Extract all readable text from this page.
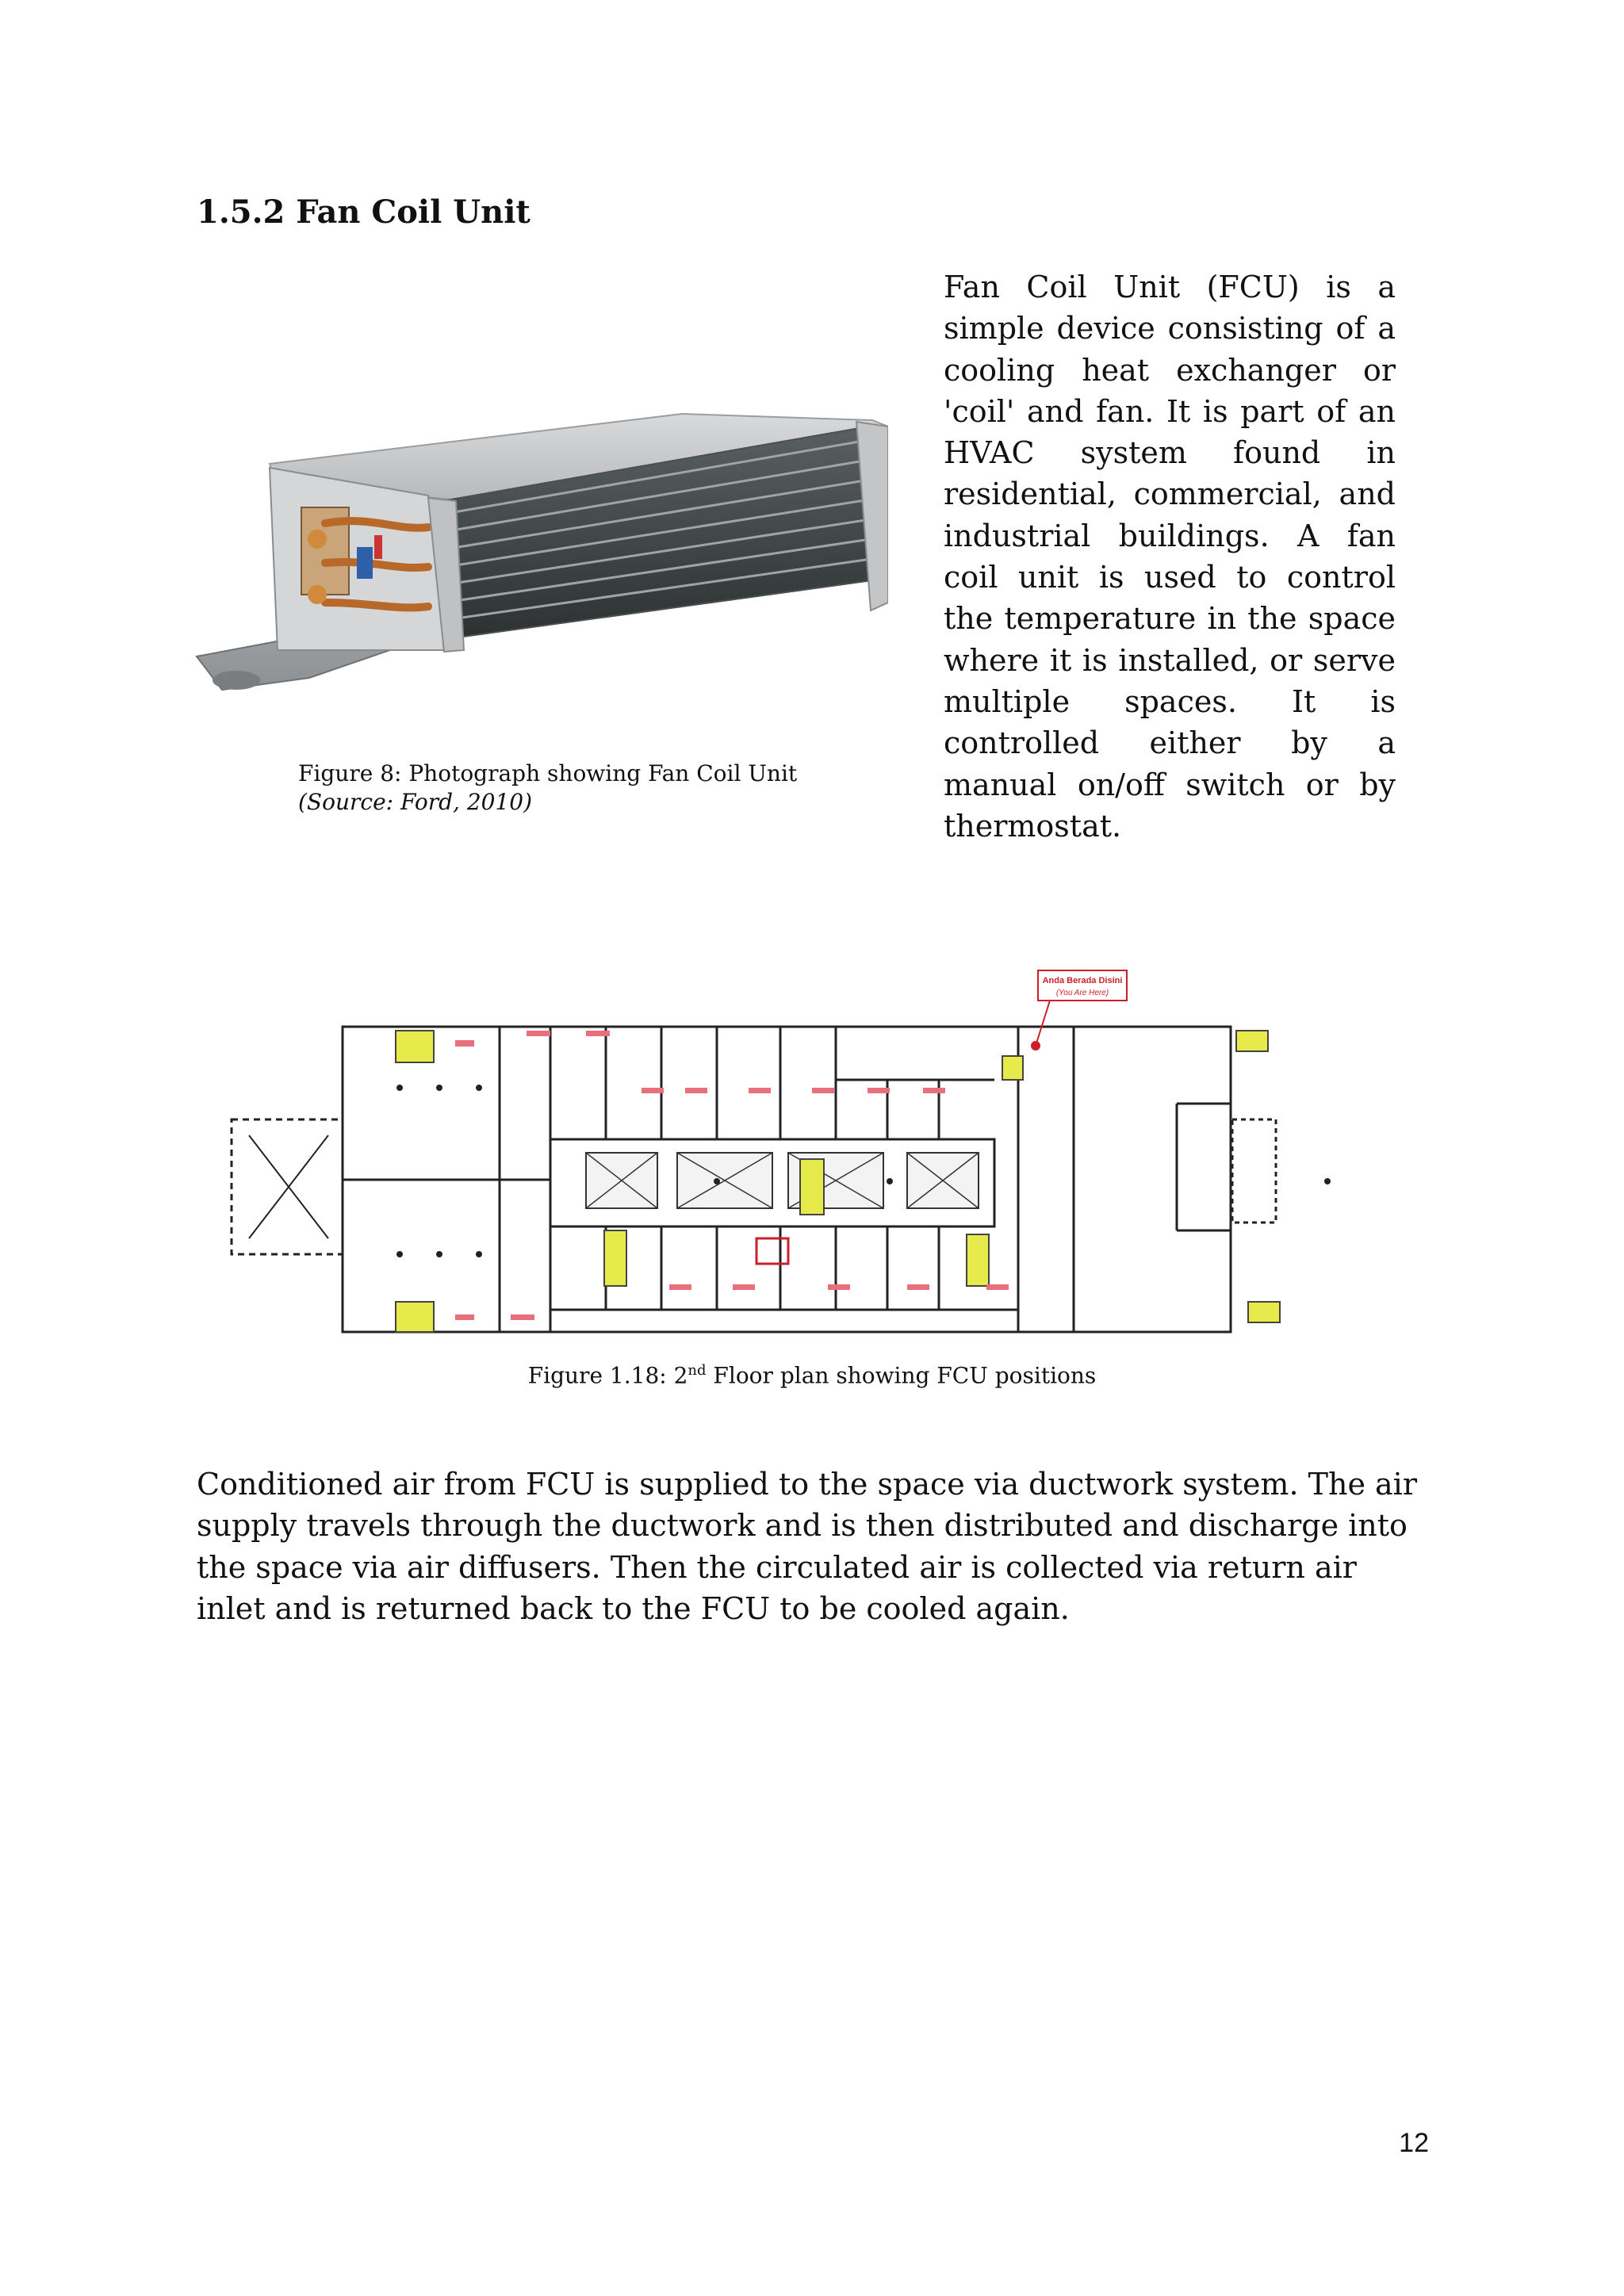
1.5.2 Fan Coil Unit

Fan Coil Unit (FCU) is a simple device consisting of a cooling heat exchanger or 'coil' and fan. It is part of an HVAC system found in residential, commercial, and industrial buildings. A fan coil unit is used to control the temperature in the space where it is installed, or serve multiple spaces. It is controlled either by a manual on/off switch or by thermostat.

Figure 8: Photograph showing Fan Coil Unit
(Source: Ford, 2010)

Anda Berada Disini
(You Are Here)

Figure 1.18: 2nd Floor plan showing FCU positions

Conditioned air from FCU is supplied to the space via ductwork system. The air supply travels through the ductwork and is then distributed and discharge into the space via air diffusers. Then the circulated air is collected via return air inlet and is returned back to the FCU to be cooled again.

12
